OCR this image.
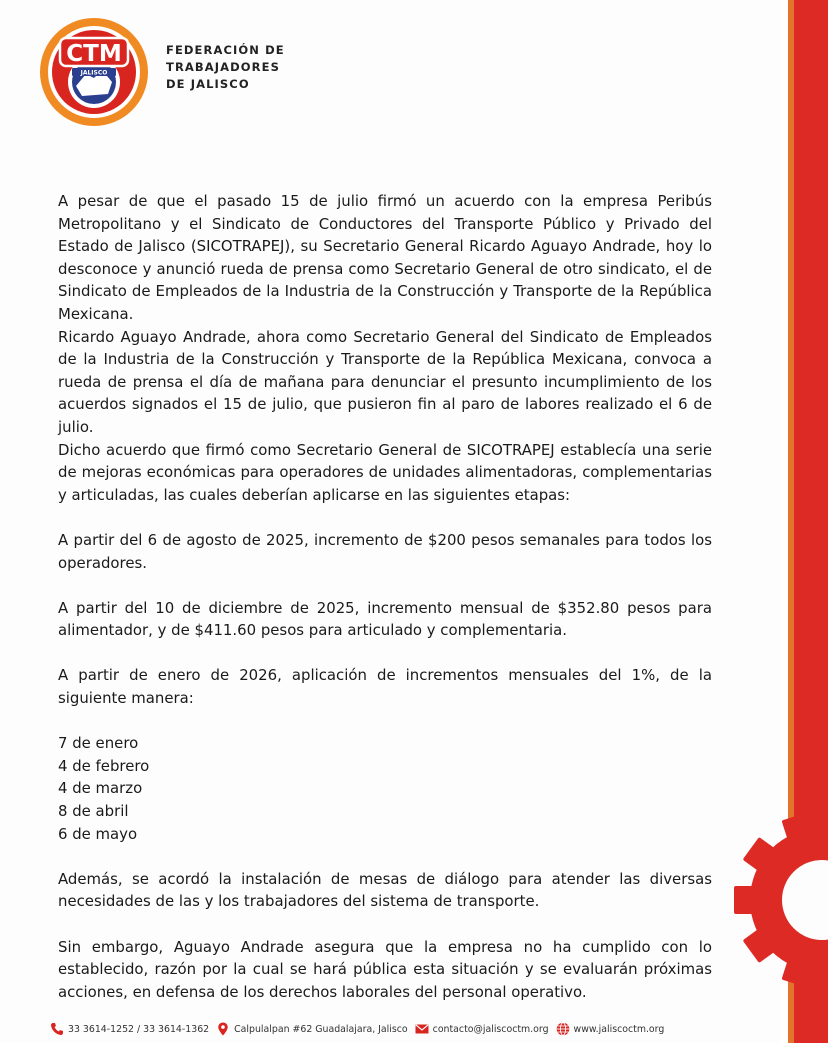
CTM
JALISCO
FEDERACIÓN DE
TRABAJADORES
DE JALISCO
A pesar de que el pasado 15 de julio firmó un acuerdo con la empresa Peribús Metropolitano y el Sindicato de Conductores del Transporte Público y Privado del Estado de Jalisco (SICOTRAPEJ), su Secretario General Ricardo Aguayo Andrade, hoy lo desconoce y anunció rueda de prensa como Secretario General de otro sindicato, el de Sindicato de Empleados de la Industria de la Construcción y Transporte de la República Mexicana.
Ricardo Aguayo Andrade, ahora como Secretario General del Sindicato de Empleados de la Industria de la Construcción y Transporte de la República Mexicana, convoca a rueda de prensa el día de mañana para denunciar el presunto incumplimiento de los acuerdos signados el 15 de julio, que pusieron fin al paro de labores realizado el 6 de julio.
Dicho acuerdo que firmó como Secretario General de SICOTRAPEJ establecía una serie de mejoras económicas para operadores de unidades alimentadoras, complementarias y articuladas, las cuales deberían aplicarse en las siguientes etapas:
A partir del 6 de agosto de 2025, incremento de $200 pesos semanales para todos los operadores.
A partir del 10 de diciembre de 2025, incremento mensual de $352.80 pesos para alimentador, y de $411.60 pesos para articulado y complementaria.
A partir de enero de 2026, aplicación de incrementos mensuales del 1%, de la siguiente manera:
7 de enero
4 de febrero
4 de marzo
8 de abril
6 de mayo
Además, se acordó la instalación de mesas de diálogo para atender las diversas necesidades de las y los trabajadores del sistema de transporte.
Sin embargo, Aguayo Andrade asegura que la empresa no ha cumplido con lo establecido, razón por la cual se hará pública esta situación y se evaluarán próximas acciones, en defensa de los derechos laborales del personal operativo.
33 3614-1252 / 33 3614-1362	Calpulalpan #62 Guadalajara, Jalisco	contacto@jaliscoctm.org	www.jaliscoctm.org
